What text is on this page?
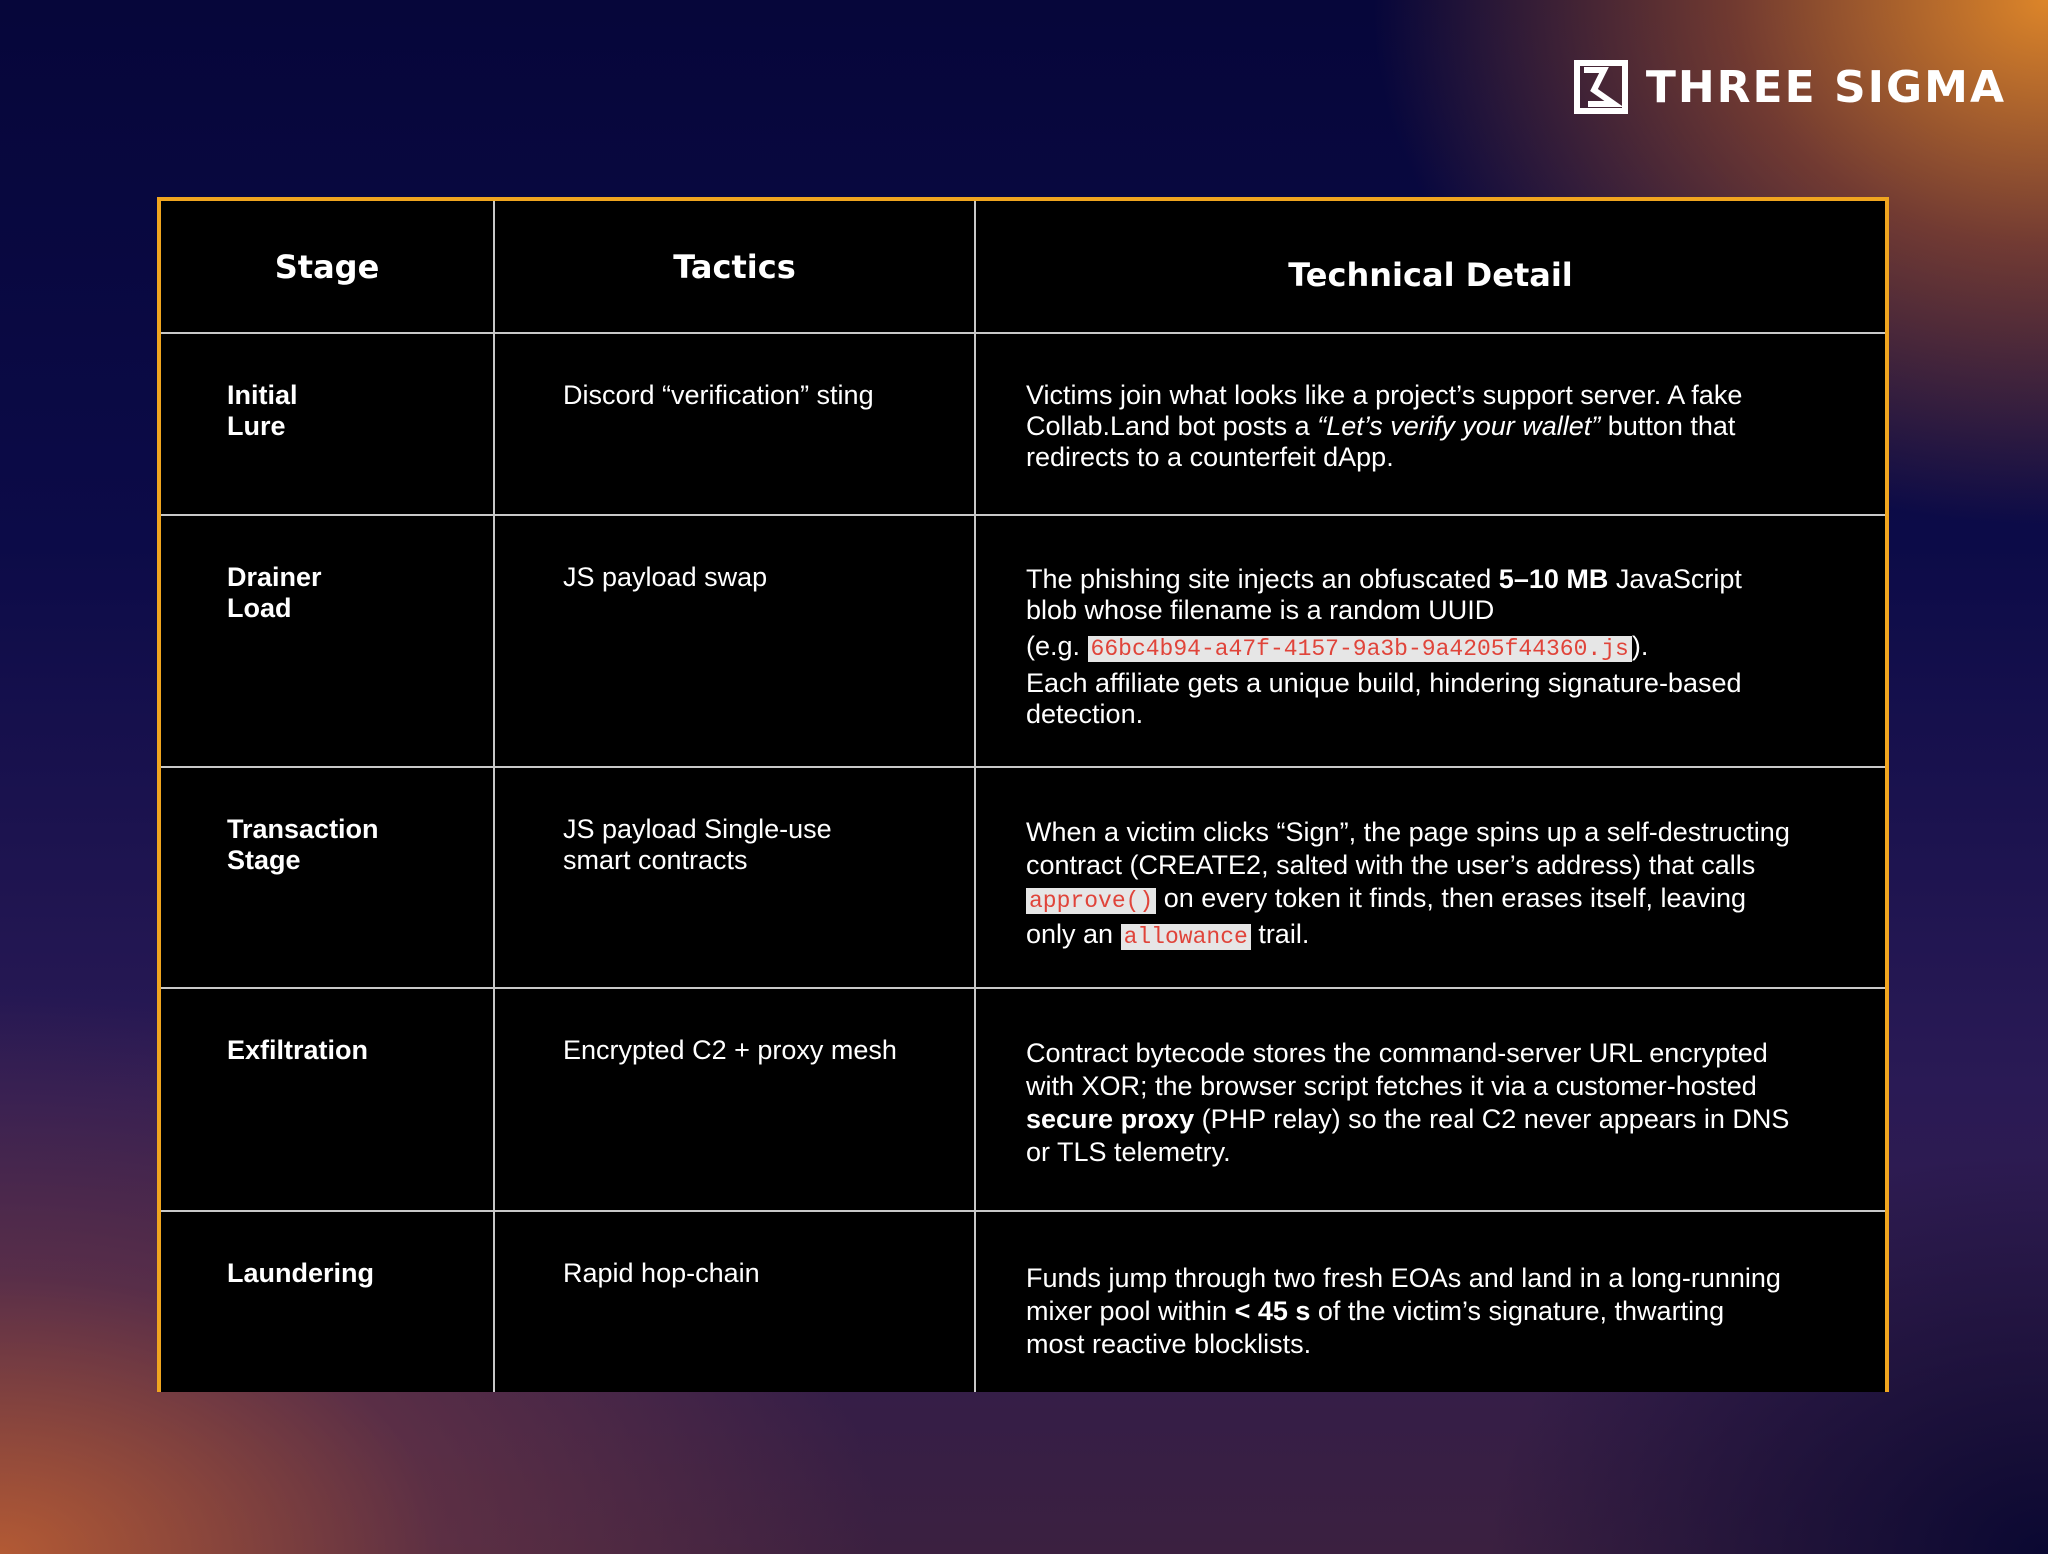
THREE SIGMA
Stage	Tactics	Technical Detail

Initial
Lure	Discord “verification” sting	Victims join what looks like a project’s support server. A fake
Collab.Land bot posts a “Let’s verify your wallet” button that
redirects to a counterfeit dApp.

Drainer
Load	JS payload swap	The phishing site injects an obfuscated 5–10 MB JavaScript
blob whose filename is a random UUID
(e.g. 66bc4b94-a47f-4157-9a3b-9a4205f44360.js ).
Each affiliate gets a unique build, hindering signature-based
detection.

Transaction
Stage	JS payload Single-use
smart contracts	When a victim clicks “Sign”, the page spins up a self-destructing
contract (CREATE2, salted with the user’s address) that calls
approve() on every token it finds, then erases itself, leaving
only an allowance trail.

Exfiltration	Encrypted C2 + proxy mesh	Contract bytecode stores the command-server URL encrypted
with XOR; the browser script fetches it via a customer-hosted
secure proxy (PHP relay) so the real C2 never appears in DNS
or TLS telemetry.

Laundering	Rapid hop-chain	Funds jump through two fresh EOAs and land in a long-running
mixer pool within < 45 s of the victim’s signature, thwarting
most reactive blocklists.
